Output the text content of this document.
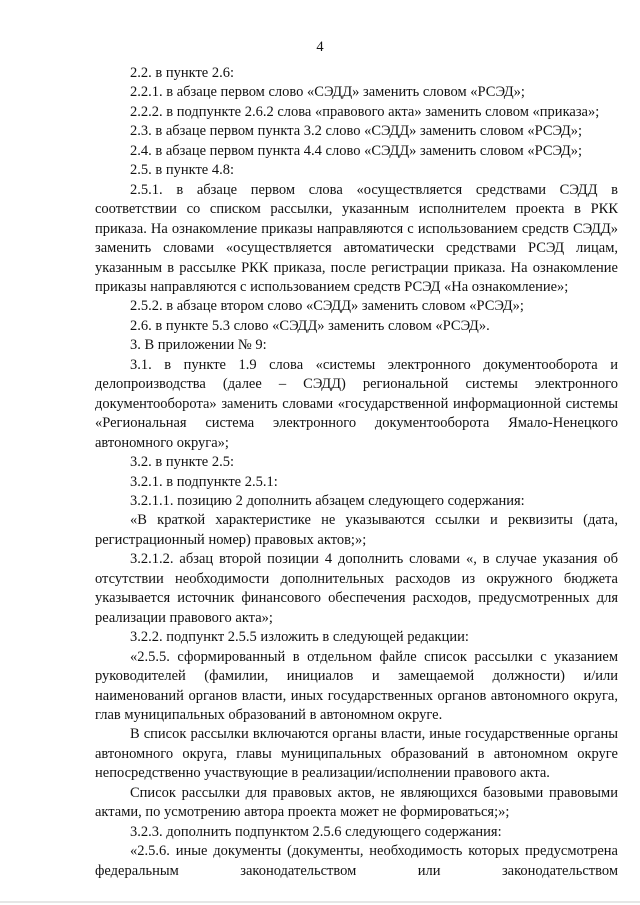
4

2.2. в пункте 2.6:

2.2.1. в абзаце первом слово «СЭДД» заменить словом «РСЭД»;

2.2.2. в подпункте 2.6.2 слова «правового акта» заменить словом «приказа»;

2.3. в абзаце первом пункта 3.2 слово «СЭДД» заменить словом «РСЭД»;

2.4. в абзаце первом пункта 4.4 слово «СЭДД» заменить словом «РСЭД»;

2.5. в пункте 4.8:

2.5.1. в абзаце первом слова «осуществляется средствами СЭДД в соответствии со списком рассылки, указанным исполнителем проекта в РКК приказа. На ознакомление приказы направляются с использованием средств СЭДД» заменить словами «осуществляется автоматически средствами РСЭД лицам, указанным в рассылке РКК приказа, после регистрации приказа. На ознакомление приказы направляются с использованием средств РСЭД «На ознакомление»;

2.5.2. в абзаце втором слово «СЭДД» заменить словом «РСЭД»;

2.6. в пункте 5.3 слово «СЭДД» заменить словом «РСЭД».

3. В приложении № 9:

3.1. в пункте 1.9 слова «системы электронного документооборота и делопроизводства (далее – СЭДД) региональной системы электронного документооборота» заменить словами «государственной информационной системы «Региональная система электронного документооборота Ямало-Ненецкого автономного округа»;

3.2. в пункте 2.5:

3.2.1. в подпункте 2.5.1:

3.2.1.1. позицию 2 дополнить абзацем следующего содержания:

«В краткой характеристике не указываются ссылки и реквизиты (дата, регистрационный номер) правовых актов;»;

3.2.1.2. абзац второй позиции 4 дополнить словами «, в случае указания об отсутствии необходимости дополнительных расходов из окружного бюджета указывается источник финансового обеспечения расходов, предусмотренных для реализации правового акта»;

3.2.2. подпункт 2.5.5 изложить в следующей редакции:

«2.5.5. сформированный в отдельном файле список рассылки с указанием руководителей (фамилии, инициалов и замещаемой должности) и/или наименований органов власти, иных государственных органов автономного округа, глав муниципальных образований в автономном округе.

В список рассылки включаются органы власти, иные государственные органы автономного округа, главы муниципальных образований в автономном округе непосредственно участвующие в реализации/исполнении правового акта.

Список рассылки для правовых актов, не являющихся базовыми правовыми актами, по усмотрению автора проекта может не формироваться;»;

3.2.3. дополнить подпунктом 2.5.6 следующего содержания:

«2.5.6. иные документы (документы, необходимость которых предусмотрена федеральным законодательством или законодательством
